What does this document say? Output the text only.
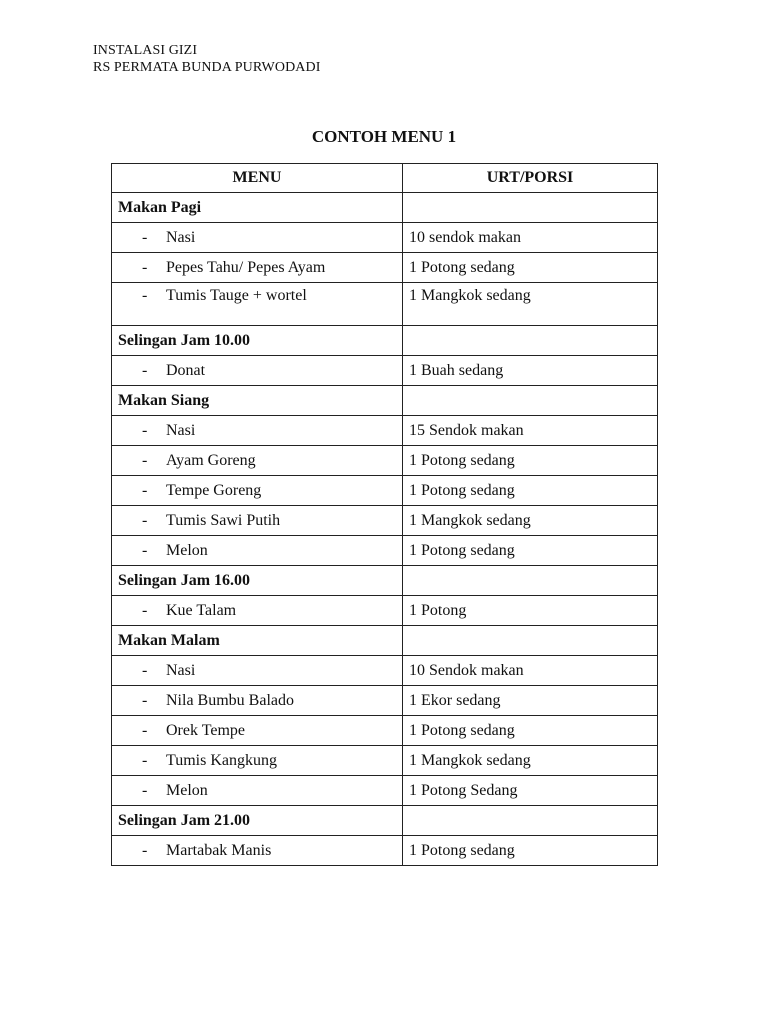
INSTALASI GIZI
RS PERMATA BUNDA PURWODADI
CONTOH MENU 1
MENU	URT/PORSI
Makan Pagi	
- Nasi	10 sendok makan
- Pepes Tahu/ Pepes Ayam	1 Potong sedang
- Tumis Tauge + wortel	1 Mangkok sedang
Selingan Jam 10.00	
- Donat	1 Buah sedang
Makan Siang	
- Nasi	15 Sendok makan
- Ayam Goreng	1 Potong sedang
- Tempe Goreng	1 Potong sedang
- Tumis Sawi Putih	1 Mangkok sedang
- Melon	1 Potong sedang
Selingan Jam 16.00	
- Kue Talam	1 Potong
Makan Malam	
- Nasi	10 Sendok makan
- Nila Bumbu Balado	1 Ekor sedang
- Orek Tempe	1 Potong sedang
- Tumis Kangkung	1 Mangkok sedang
- Melon	1 Potong Sedang
Selingan Jam 21.00	
- Martabak Manis	1 Potong sedang
